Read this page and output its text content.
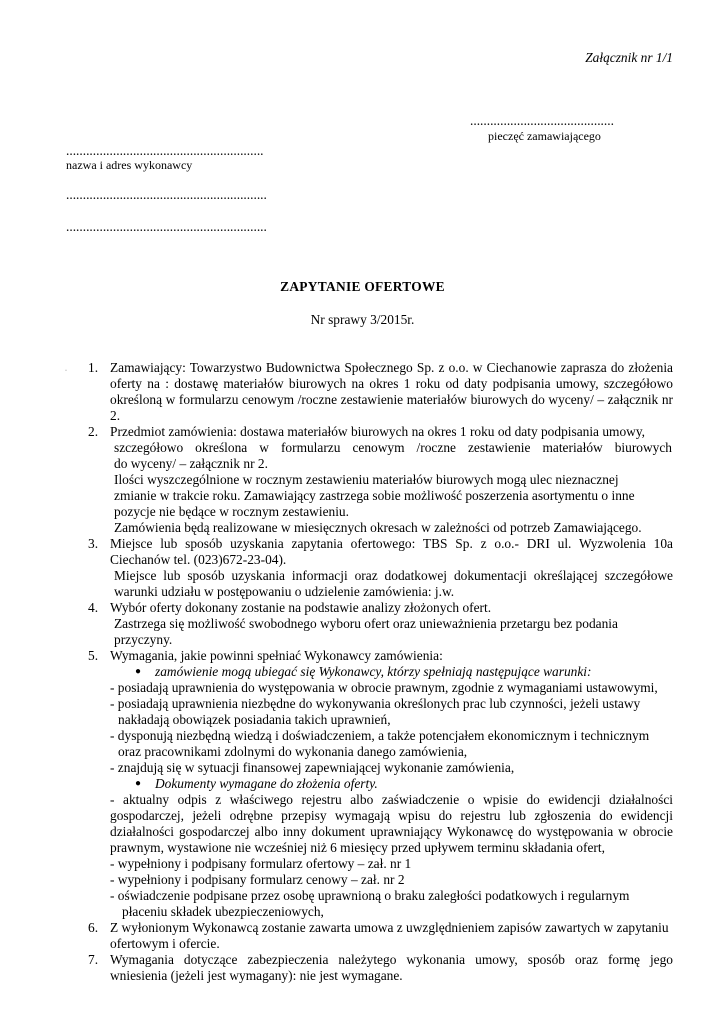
Załącznik nr 1/1
...........................................
pieczęć zamawiającego
...........................................................
nazwa i adres wykonawcy
............................................................
............................................................
ZAPYTANIE OFERTOWE
Nr sprawy 3/2015r.
· 1. Zamawiający: Towarzystwo Budownictwa Społecznego Sp. z o.o. w Ciechanowie zaprasza do złożenia
oferty na : dostawę materiałów biurowych na okres 1 roku od daty podpisania umowy, szczegółowo
określoną w formularzu cenowym /roczne zestawienie materiałów biurowych do wyceny/ – załącznik nr
2.
2. Przedmiot zamówienia: dostawa materiałów biurowych na okres 1 roku od daty podpisania umowy,
szczegółowo określona w formularzu cenowym /roczne zestawienie materiałów biurowych
do wyceny/ – załącznik nr 2.
Ilości wyszczególnione w rocznym zestawieniu materiałów biurowych mogą ulec nieznacznej
zmianie w trakcie roku. Zamawiający zastrzega sobie możliwość poszerzenia asortymentu o inne
pozycje nie będące w rocznym zestawieniu.
Zamówienia będą realizowane w miesięcznych okresach w zależności od potrzeb Zamawiającego.
3. Miejsce lub sposób uzyskania zapytania ofertowego: TBS Sp. z o.o.- DRI ul. Wyzwolenia 10a
Ciechanów tel. (023)672-23-04).
Miejsce lub sposób uzyskania informacji oraz dodatkowej dokumentacji określającej szczegółowe
warunki udziału w postępowaniu o udzielenie zamówienia: j.w.
4. Wybór oferty dokonany zostanie na podstawie analizy złożonych ofert.
Zastrzega się możliwość swobodnego wyboru ofert oraz unieważnienia przetargu bez podania
przyczyny.
5. Wymagania, jakie powinni spełniać Wykonawcy zamówienia:
● zamówienie mogą ubiegać się Wykonawcy, którzy spełniają następujące warunki:
- posiadają uprawnienia do występowania w obrocie prawnym, zgodnie z wymaganiami ustawowymi,
- posiadają uprawnienia niezbędne do wykonywania określonych prac lub czynności, jeżeli ustawy
nakładają obowiązek posiadania takich uprawnień,
- dysponują niezbędną wiedzą i doświadczeniem, a także potencjałem ekonomicznym i technicznym
oraz pracownikami zdolnymi do wykonania danego zamówienia,
- znajdują się w sytuacji finansowej zapewniającej wykonanie zamówienia,
● Dokumenty wymagane do złożenia oferty.
- aktualny odpis z właściwego rejestru albo zaświadczenie o wpisie do ewidencji działalności
gospodarczej, jeżeli odrębne przepisy wymagają wpisu do rejestru lub zgłoszenia do ewidencji
działalności gospodarczej albo inny dokument uprawniający Wykonawcę do występowania w obrocie
prawnym, wystawione nie wcześniej niż 6 miesięcy przed upływem terminu składania ofert,
- wypełniony i podpisany formularz ofertowy – zał. nr 1
- wypełniony i podpisany formularz cenowy – zał. nr 2
- oświadczenie podpisane przez osobę uprawnioną o braku zaległości podatkowych i regularnym
płaceniu składek ubezpieczeniowych,
6. Z wyłonionym Wykonawcą zostanie zawarta umowa z uwzględnieniem zapisów zawartych w zapytaniu
ofertowym i ofercie.
7. Wymagania dotyczące zabezpieczenia należytego wykonania umowy, sposób oraz formę jego
wniesienia (jeżeli jest wymagany): nie jest wymagane.
